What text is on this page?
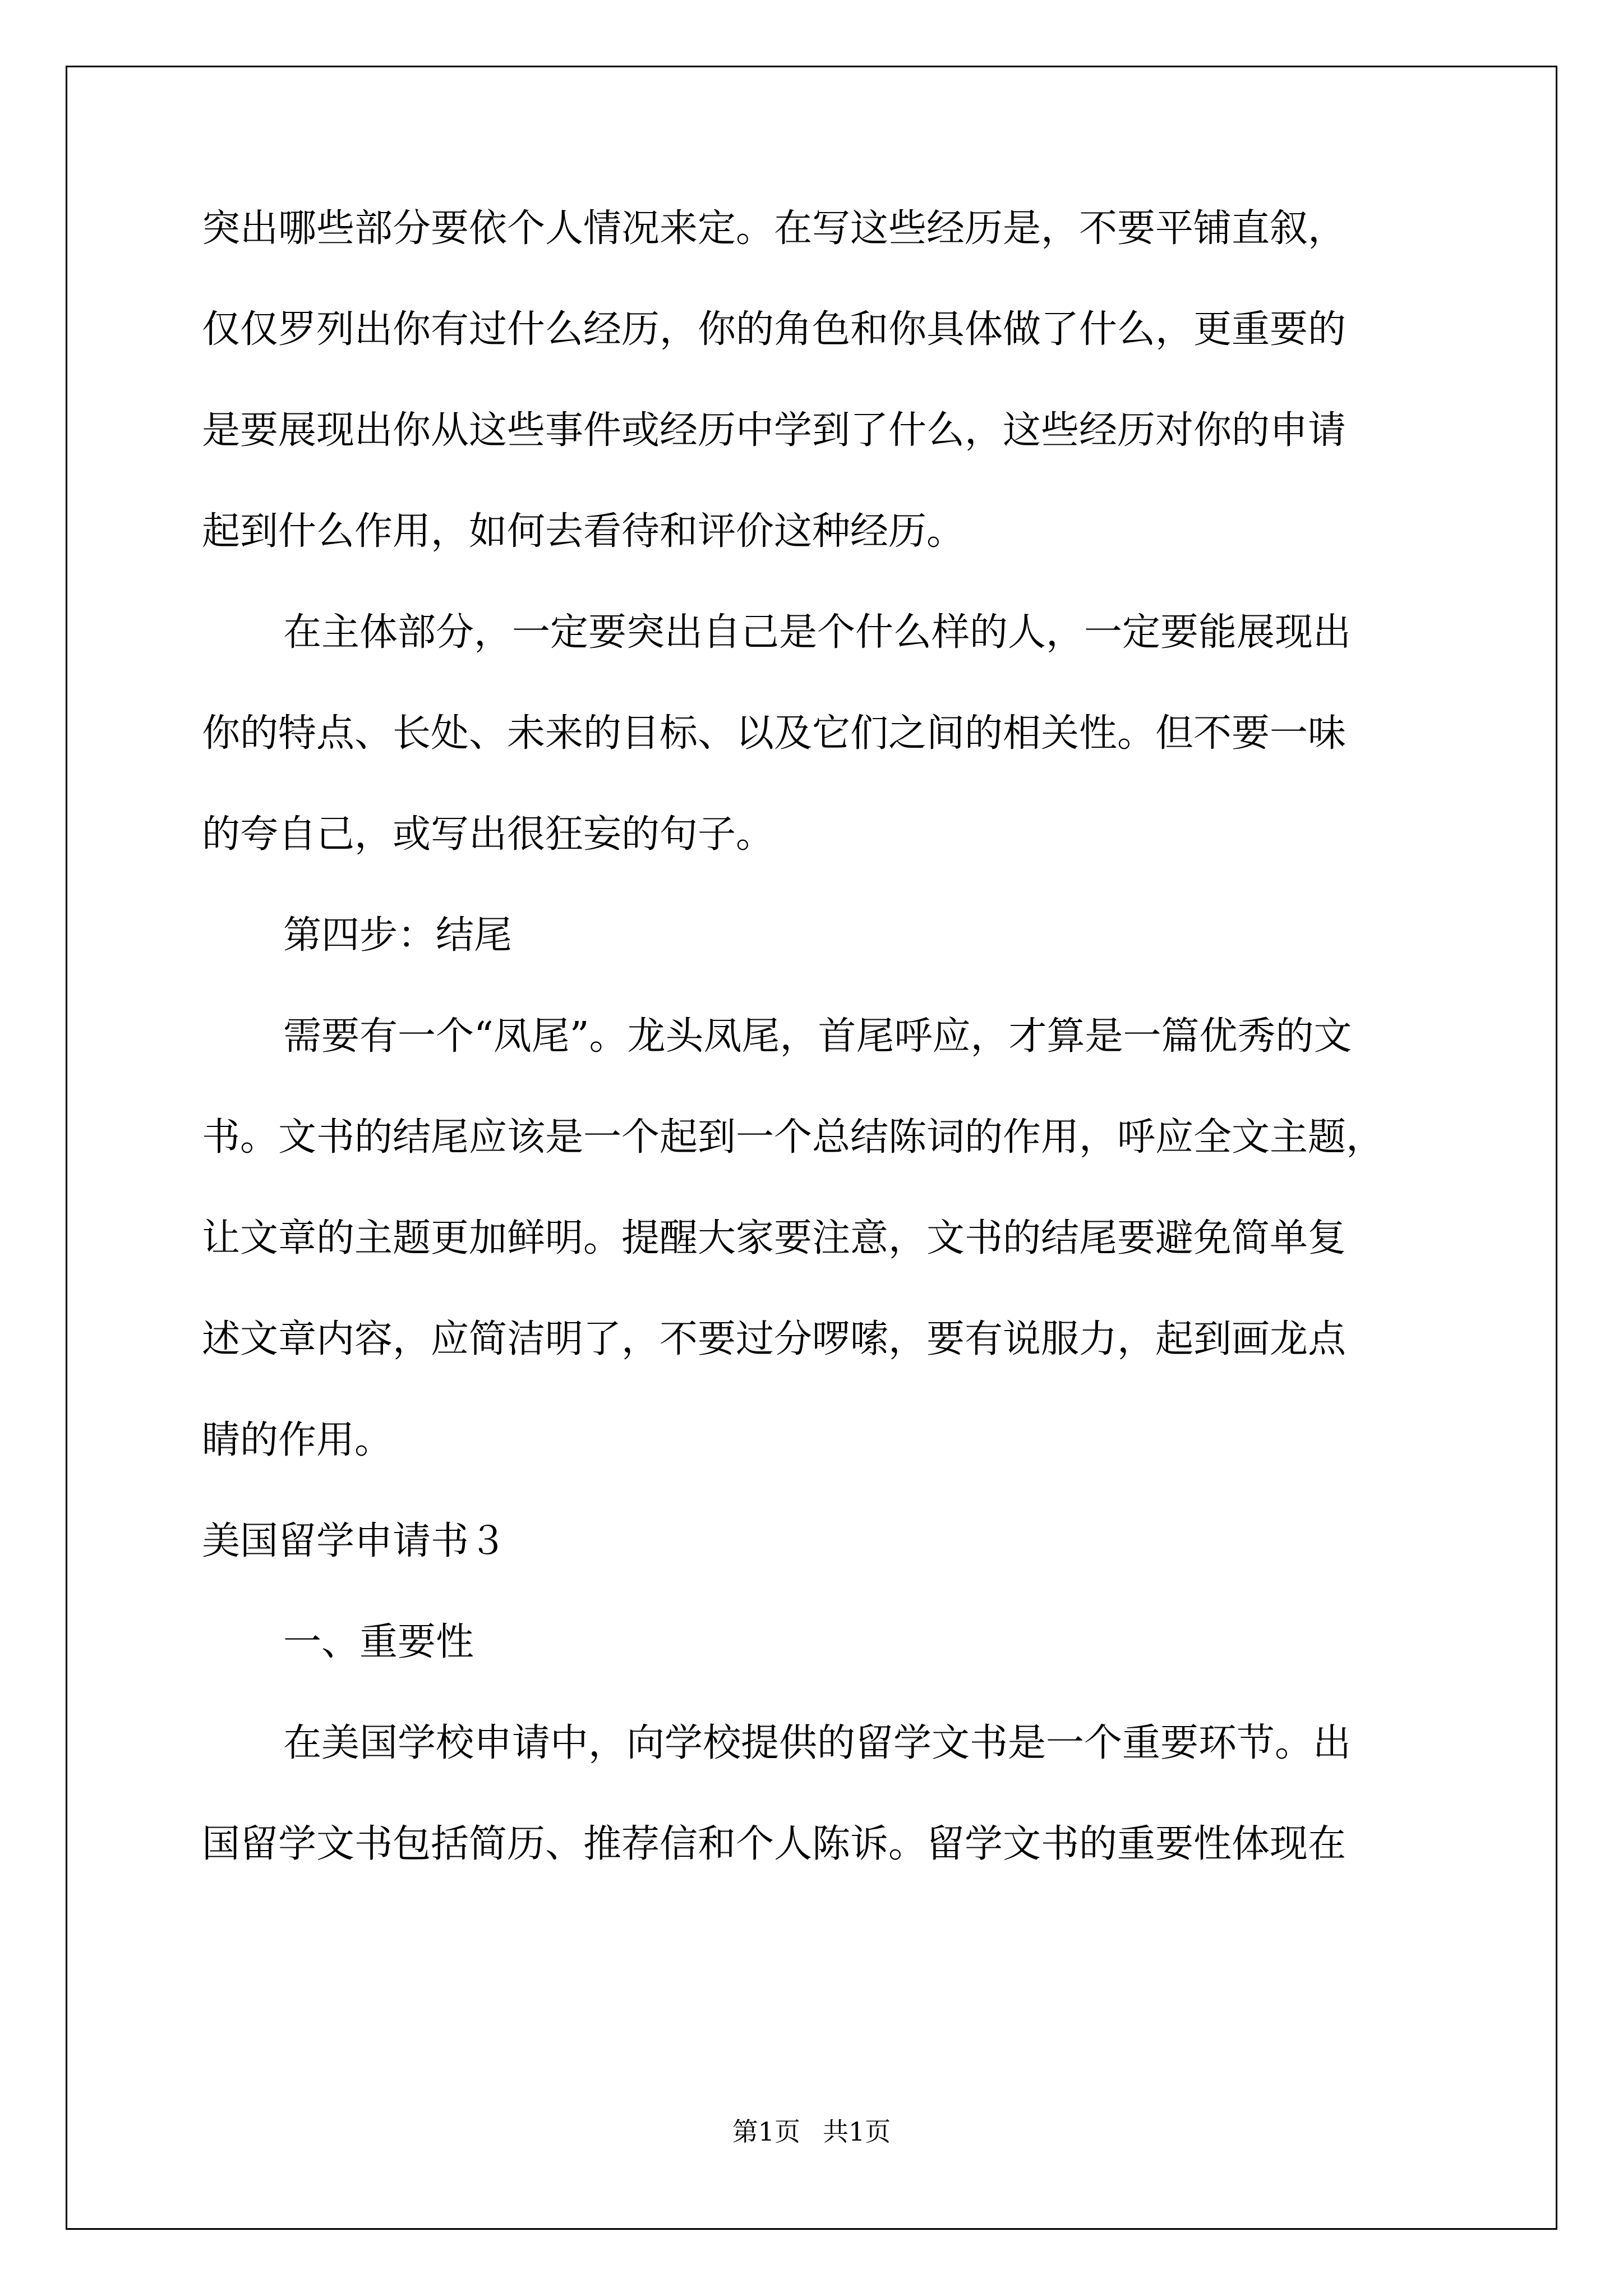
突出哪些部分要依个人情况来定。在写这些经历是，不要平铺直叙，
仅仅罗列出你有过什么经历，你的角色和你具体做了什么，更重要的
是要展现出你从这些事件或经历中学到了什么，这些经历对你的申请
起到什么作用，如何去看待和评价这种经历。
在主体部分，一定要突出自己是个什么样的人，一定要能展现出
你的特点、长处、未来的目标、以及它们之间的相关性。但不要一味
的夸自己，或写出很狂妄的句子。
第四步：结尾
需要有一个“凤尾”。龙头凤尾，首尾呼应，才算是一篇优秀的文
书。文书的结尾应该是一个起到一个总结陈词的作用，呼应全文主题，
让文章的主题更加鲜明。提醒大家要注意，文书的结尾要避免简单复
述文章内容，应简洁明了，不要过分啰嗦，要有说服力，起到画龙点
睛的作用。
美国留学申请书３
一、重要性
在美国学校申请中，向学校提供的留学文书是一个重要环节。出
国留学文书包括简历、推荐信和个人陈诉。留学文书的重要性体现在
第1页 共1页
